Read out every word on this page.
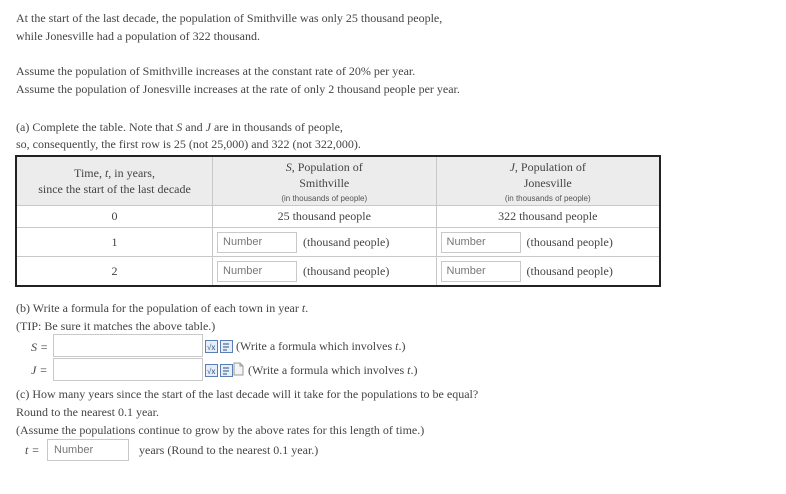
At the start of the last decade, the population of Smithville was only 25 thousand people,
while Jonesville had a population of 322 thousand.
Assume the population of Smithville increases at the constant rate of 20% per year.
Assume the population of Jonesville increases at the rate of only 2 thousand people per year.
(a) Complete the table. Note that S and J are in thousands of people,
so, consequently, the first row is 25 (not 25,000) and 322 (not 322,000).
Time, t, in years,
since the start of the last decade	S, Population of
Smithville
(in thousands of people)	J, Population of
Jonesville
(in thousands of people)

0	25 thousand people	322 thousand people
1	Number (thousand people)	Number (thousand people)

2	Number (thousand people)	Number (thousand people)
(b) Write a formula for the population of each town in year t.
(TIP: Be sure it matches the above table.)
S =	√x (Write a formula which involves t.)
J =	√x	(Write a formula which involves t.)
(c) How many years since the start of the last decade will it take for the populations to be equal?
Round to the nearest 0.1 year.
(Assume the populations continue to grow by the above rates for this length of time.)
t =	Number	years (Round to the nearest 0.1 year.)
